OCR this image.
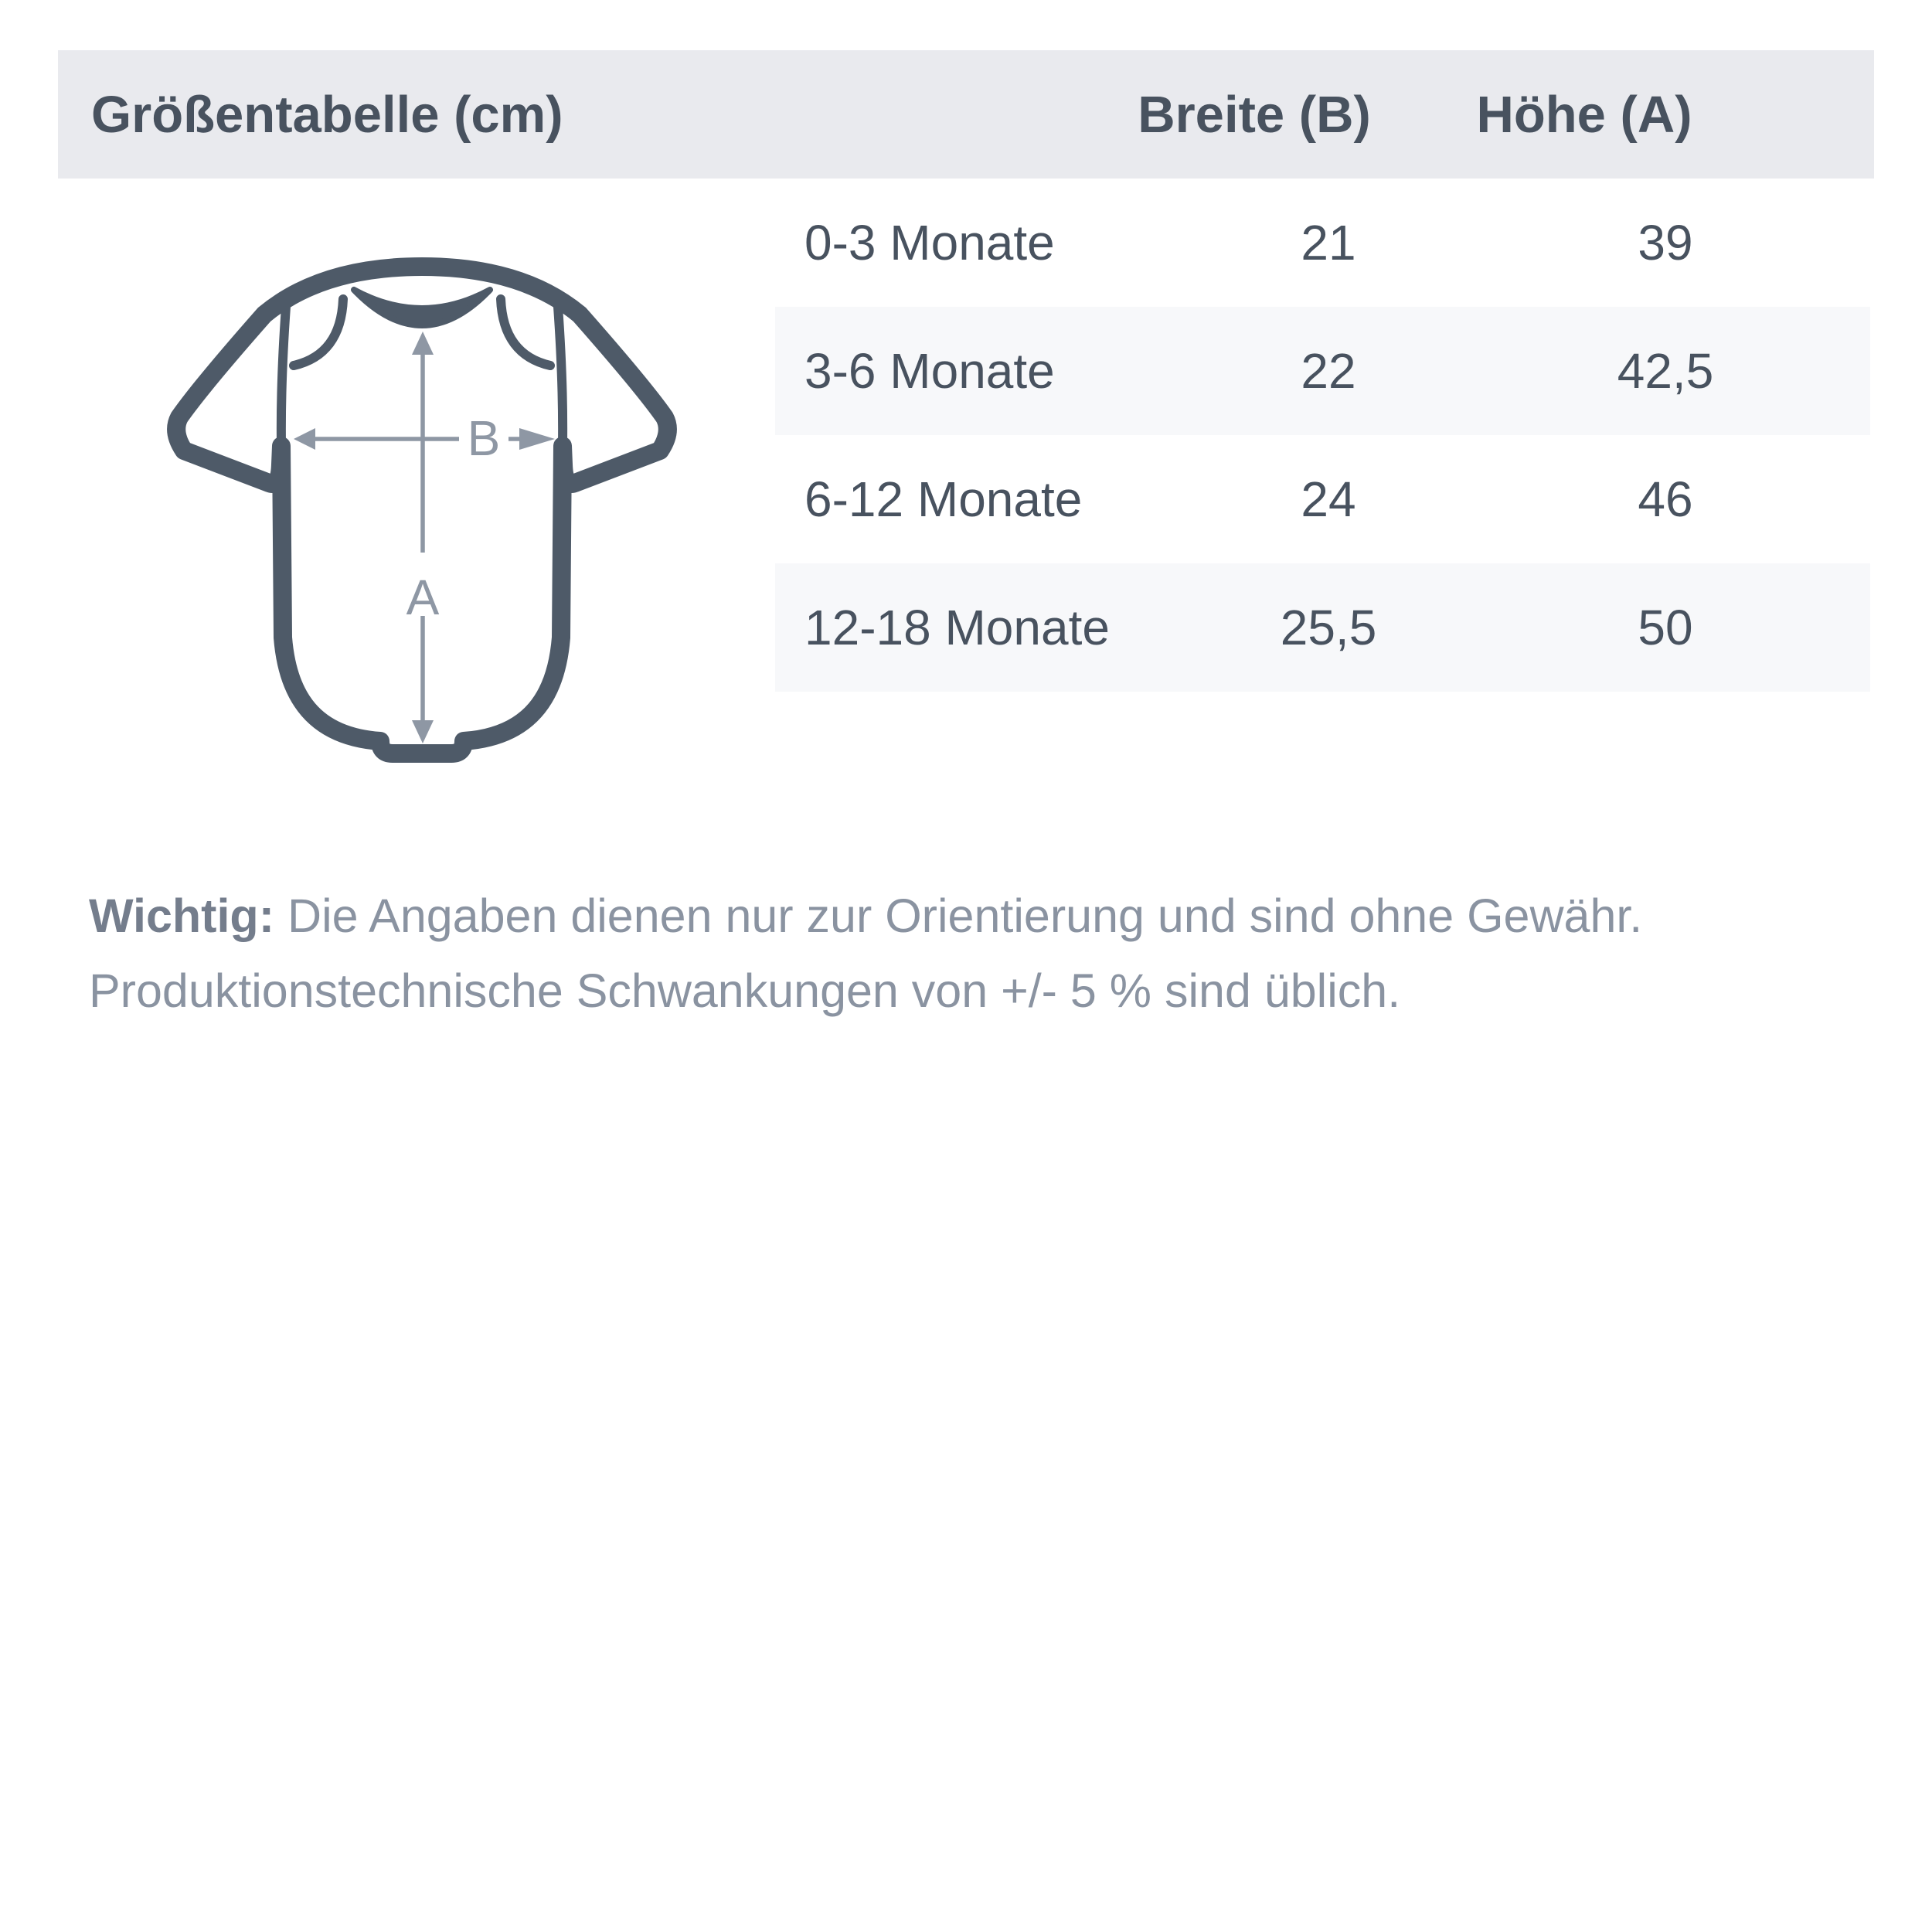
Größentabelle (cm)	Breite (B) Höhe (A)
0-3 Monate	21	39
3-6 Monate	22	42,5
6-12 Monate	24	46
12-18 Monate	25,5	50
A
B

Wichtig: Die Angaben dienen nur zur Orientierung und sind ohne Gewähr.
Produktionstechnische Schwankungen von +/- 5 % sind üblich.
